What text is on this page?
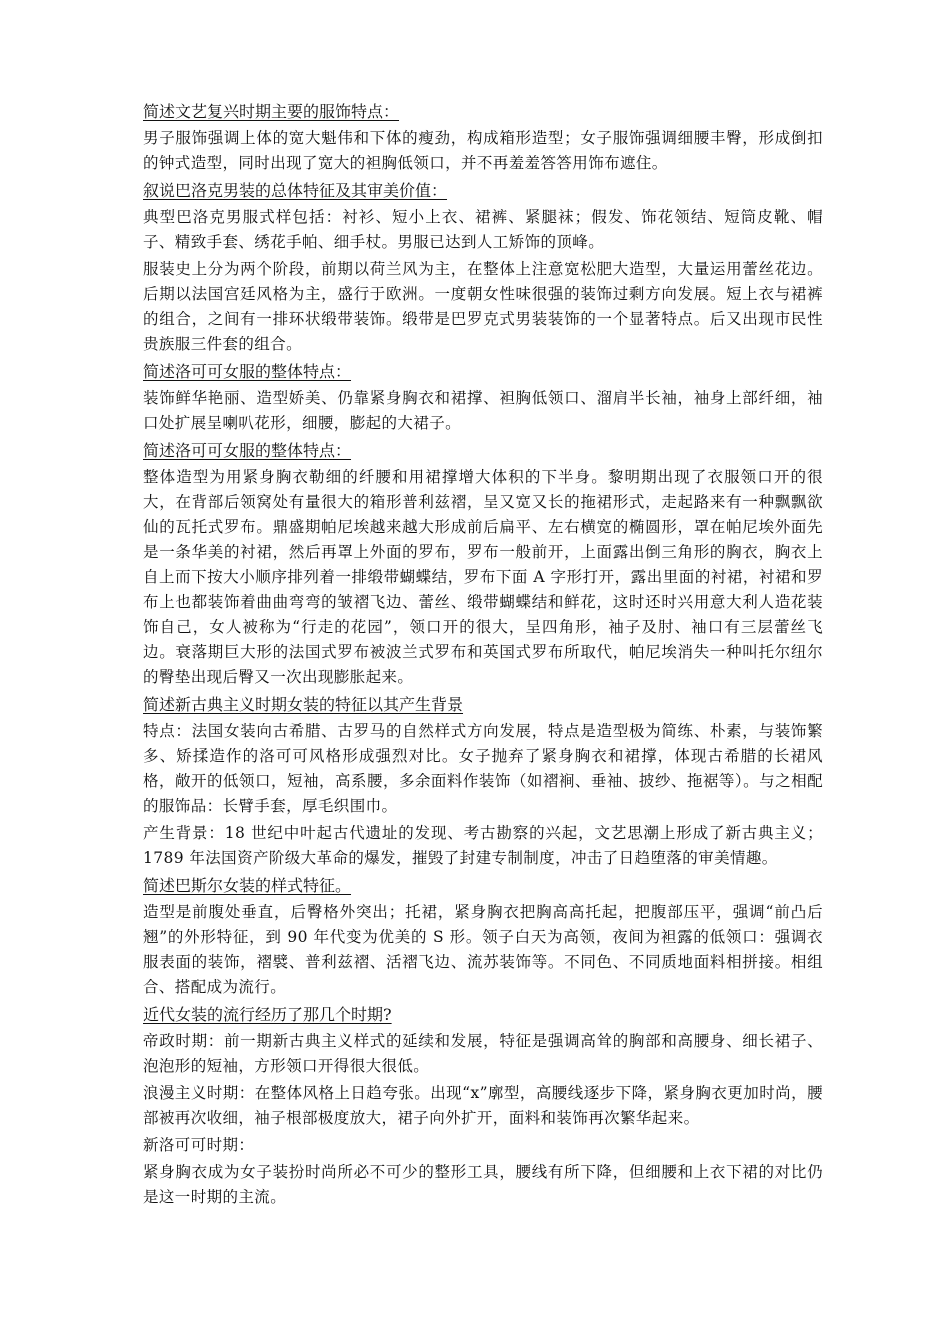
简述文艺复兴时期主要的服饰特点：
男子服饰强调上体的宽大魁伟和下体的瘦劲，构成箱形造型；女子服饰强调细腰丰臀，形成倒扣的钟式造型，同时出现了宽大的袒胸低领口，并不再羞羞答答用饰布遮住。
叙说巴洛克男装的总体特征及其审美价值：
典型巴洛克男服式样包括：衬衫、短小上衣、裙裤、紧腿袜；假发、饰花领结、短筒皮靴、帽子、精致手套、绣花手帕、细手杖。男服已达到人工矫饰的顶峰。
服装史上分为两个阶段，前期以荷兰风为主，在整体上注意宽松肥大造型，大量运用蕾丝花边。后期以法国宫廷风格为主，盛行于欧洲。一度朝女性味很强的装饰过剩方向发展。短上衣与裙裤的组合，之间有一排环状缎带装饰。缎带是巴罗克式男装装饰的一个显著特点。后又出现市民性贵族服三件套的组合。
简述洛可可女服的整体特点：
装饰鲜华艳丽、造型娇美、仍靠紧身胸衣和裙撑、袒胸低领口、溜肩半长袖，袖身上部纤细，袖口处扩展呈喇叭花形，细腰，膨起的大裙子。
简述洛可可女服的整体特点：
整体造型为用紧身胸衣勒细的纤腰和用裙撑增大体积的下半身。黎明期出现了衣服领口开的很大，在背部后领窝处有量很大的箱形普利兹褶，呈又宽又长的拖裙形式，走起路来有一种飘飘欲仙的瓦托式罗布。鼎盛期帕尼埃越来越大形成前后扁平、左右横宽的椭圆形，罩在帕尼埃外面先是一条华美的衬裙，然后再罩上外面的罗布，罗布一般前开，上面露出倒三角形的胸衣，胸衣上自上而下按大小顺序排列着一排缎带蝴蝶结，罗布下面 A 字形打开，露出里面的衬裙，衬裙和罗布上也都装饰着曲曲弯弯的皱褶飞边、蕾丝、缎带蝴蝶结和鲜花，这时还时兴用意大利人造花装饰自己，女人被称为“行走的花园”，领口开的很大，呈四角形，袖子及肘、袖口有三层蕾丝飞边。衰落期巨大形的法国式罗布被波兰式罗布和英国式罗布所取代，帕尼埃消失一种叫托尔纽尔的臀垫出现后臀又一次出现膨胀起来。
简述新古典主义时期女装的特征以其产生背景
特点：法国女装向古希腊、古罗马的自然样式方向发展，特点是造型极为简练、朴素，与装饰繁多、矫揉造作的洛可可风格形成强烈对比。女子抛弃了紧身胸衣和裙撑，体现古希腊的长裙风格，敞开的低领口，短袖，高系腰，多余面料作装饰（如褶裥、垂袖、披纱、拖裾等）。与之相配的服饰品：长臂手套，厚毛织围巾。
产生背景：18 世纪中叶起古代遗址的发现、考古勘察的兴起，文艺思潮上形成了新古典主义；1789 年法国资产阶级大革命的爆发，摧毁了封建专制制度，冲击了日趋堕落的审美情趣。
简述巴斯尔女装的样式特征。
造型是前腹处垂直，后臀格外突出；托裙，紧身胸衣把胸高高托起，把腹部压平，强调“前凸后翘”的外形特征，到 90 年代变为优美的 S 形。领子白天为高领，夜间为袒露的低领口：强调衣服表面的装饰，褶襞、普利兹褶、活褶飞边、流苏装饰等。不同色、不同质地面料相拼接。相组合、搭配成为流行。
近代女装的流行经历了那几个时期?
帝政时期：前一期新古典主义样式的延续和发展，特征是强调高耸的胸部和高腰身、细长裙子、泡泡形的短袖，方形领口开得很大很低。
浪漫主义时期：在整体风格上日趋夸张。出现“x”廓型，高腰线逐步下降，紧身胸衣更加时尚，腰部被再次收细，袖子根部极度放大，裙子向外扩开，面料和装饰再次繁华起来。
新洛可可时期：
紧身胸衣成为女子装扮时尚所必不可少的整形工具，腰线有所下降，但细腰和上衣下裙的对比仍是这一时期的主流。
